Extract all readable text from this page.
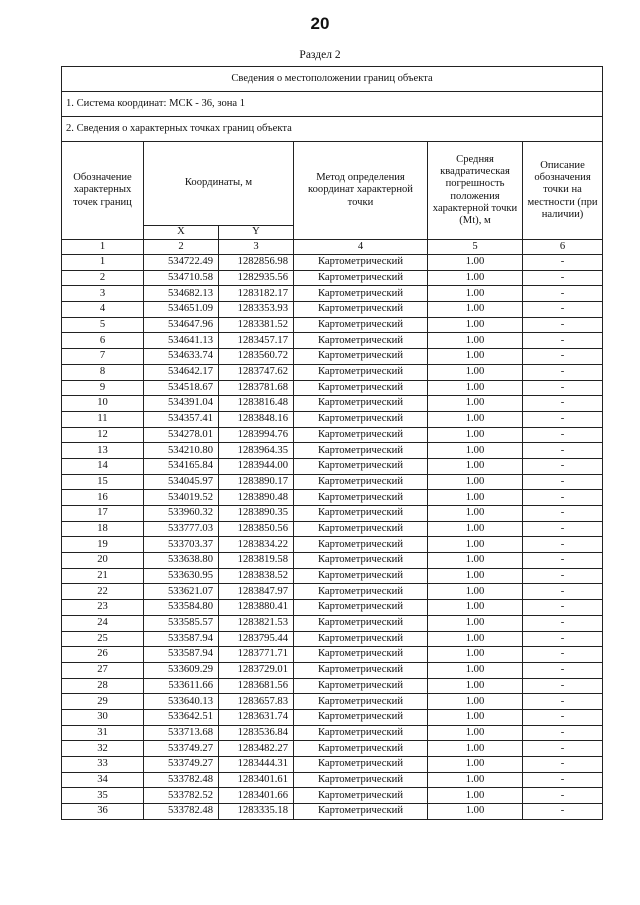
20
Раздел 2
Сведения о местоположении границ объекта					
1. Система координат: МСК - 36, зона 1					
2. Сведения о характерных точках границ объекта					
Обозначение характерных точек границ	Координаты, м		Метод определения координат характерной точки	Средняя квадратическая погрешность положения характерной точки (Mt), м	Описание обозначения точки на местности (при наличии)
	X	Y			
1	2	3	4	5	6
1	534722.49	1282856.98	Картометрический	1.00	-
2	534710.58	1282935.56	Картометрический	1.00	-
3	534682.13	1283182.17	Картометрический	1.00	-
4	534651.09	1283353.93	Картометрический	1.00	-
5	534647.96	1283381.52	Картометрический	1.00	-
6	534641.13	1283457.17	Картометрический	1.00	-
7	534633.74	1283560.72	Картометрический	1.00	-
8	534642.17	1283747.62	Картометрический	1.00	-
9	534518.67	1283781.68	Картометрический	1.00	-
10	534391.04	1283816.48	Картометрический	1.00	-
11	534357.41	1283848.16	Картометрический	1.00	-
12	534278.01	1283994.76	Картометрический	1.00	-
13	534210.80	1283964.35	Картометрический	1.00	-
14	534165.84	1283944.00	Картометрический	1.00	-
15	534045.97	1283890.17	Картометрический	1.00	-
16	534019.52	1283890.48	Картометрический	1.00	-
17	533960.32	1283890.35	Картометрический	1.00	-
18	533777.03	1283850.56	Картометрический	1.00	-
19	533703.37	1283834.22	Картометрический	1.00	-
20	533638.80	1283819.58	Картометрический	1.00	-
21	533630.95	1283838.52	Картометрический	1.00	-
22	533621.07	1283847.97	Картометрический	1.00	-
23	533584.80	1283880.41	Картометрический	1.00	-
24	533585.57	1283821.53	Картометрический	1.00	-
25	533587.94	1283795.44	Картометрический	1.00	-
26	533587.94	1283771.71	Картометрический	1.00	-
27	533609.29	1283729.01	Картометрический	1.00	-
28	533611.66	1283681.56	Картометрический	1.00	-
29	533640.13	1283657.83	Картометрический	1.00	-
30	533642.51	1283631.74	Картометрический	1.00	-
31	533713.68	1283536.84	Картометрический	1.00	-
32	533749.27	1283482.27	Картометрический	1.00	-
33	533749.27	1283444.31	Картометрический	1.00	-
34	533782.48	1283401.61	Картометрический	1.00	-
35	533782.52	1283401.66	Картометрический	1.00	-
36	533782.48	1283335.18	Картометрический	1.00	-
